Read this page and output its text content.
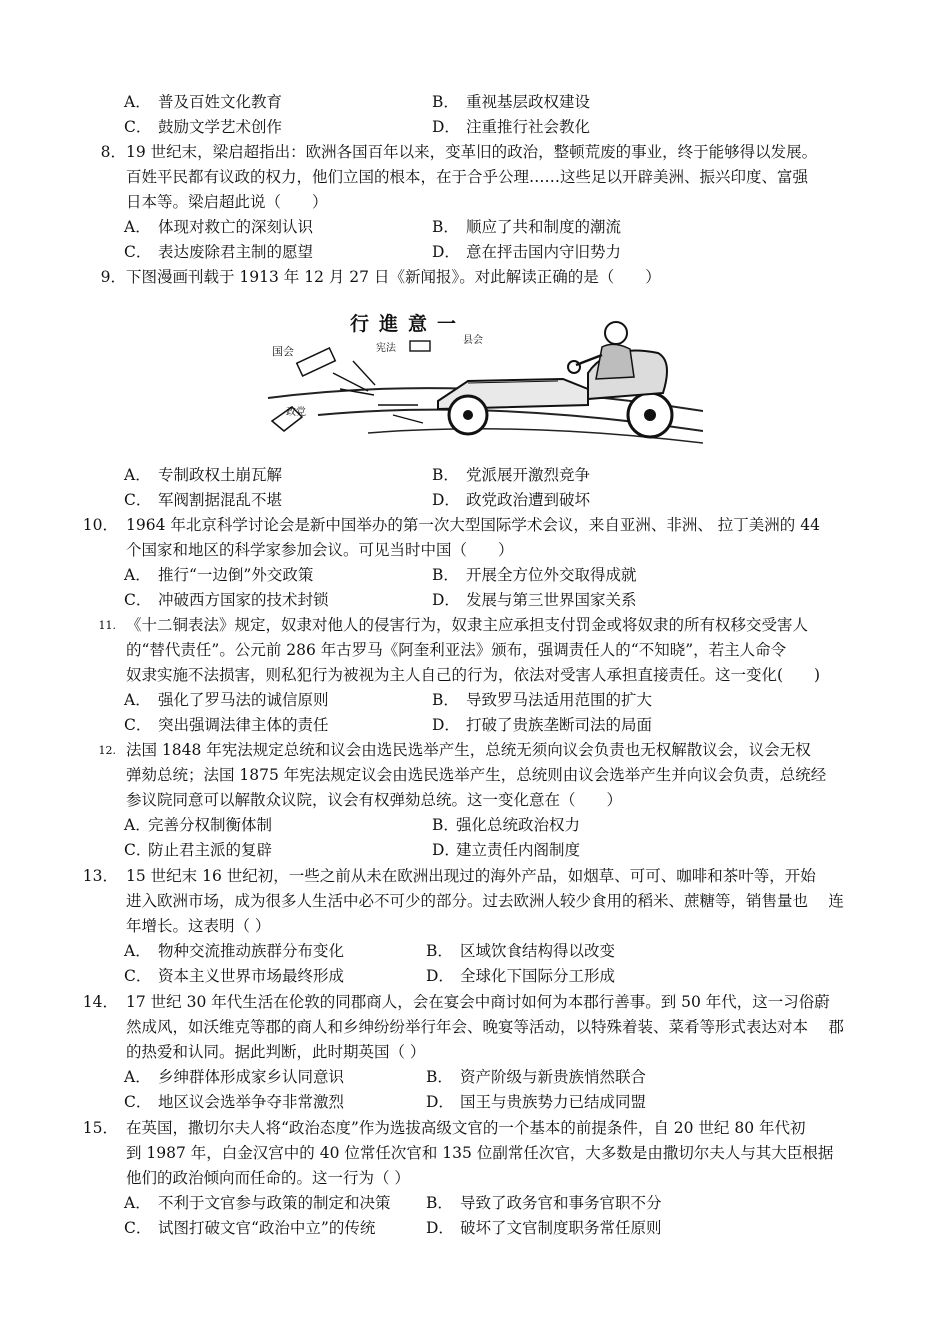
A． 普及百姓文化教育	B． 重视基层政权建设
C． 鼓励文学艺术创作	D． 注重推行社会教化
8． 19 世纪末，梁启超指出：欧洲各国百年以来，变革旧的政治，整顿荒废的事业，终于能够得以发展。
百姓平民都有议政的权力，他们立国的根本，在于合乎公理……这些足以开辟美洲、振兴印度、富强
日本等。梁启超此说（　　）
A． 体现对救亡的深刻认识	B． 顺应了共和制度的潮流
C． 表达废除君主制的愿望	D． 意在抨击国内守旧势力
9． 下图漫画刊载于 1913 年 12 月 27 日《新闻报》。对此解读正确的是（　　）
行進意一
国会	宪法
县会
政党
A． 专制政权土崩瓦解	B． 党派展开激烈竞争
C． 军阀割据混乱不堪	D． 政党政治遭到破坏
10． 1964 年北京科学讨论会是新中国举办的第一次大型国际学术会议，来自亚洲、非洲、 拉丁美洲的 44
个国家和地区的科学家参加会议。可见当时中国（　　）
A． 推行“一边倒”外交政策	B． 开展全方位外交取得成就
C． 冲破西方国家的技术封锁	D． 发展与第三世界国家关系
11. 《十二铜表法》规定，奴隶对他人的侵害行为，奴隶主应承担支付罚金或将奴隶的所有权移交受害人
的“替代责任”。公元前 286 年古罗马《阿奎利亚法》颁布，强调责任人的“不知晓”，若主人命令
奴隶实施不法损害，则私犯行为被视为主人自己的行为，依法对受害人承担直接责任。这一变化(　　)
A． 强化了罗马法的诚信原则	B． 导致罗马法适用范围的扩大
C． 突出强调法律主体的责任	D． 打破了贵族垄断司法的局面
12. 法国 1848 年宪法规定总统和议会由选民选举产生，总统无须向议会负责也无权解散议会，议会无权
弹劾总统；法国 1875 年宪法规定议会由选民选举产生，总统则由议会选举产生并向议会负责，总统经
参议院同意可以解散众议院，议会有权弹劾总统。这一变化意在（　　）
A．完善分权制衡体制	B．强化总统政治权力
C．防止君主派的复辟	D．建立责任内阁制度
13． 15 世纪末 16 世纪初，一些之前从未在欧洲出现过的海外产品，如烟草、可可、咖啡和茶叶等，开始
进入欧洲市场，成为很多人生活中必不可少的部分。过去欧洲人较少食用的稻米、蔗糖等，销售量也　 连
年增长。这表明（ ）
A． 物种交流推动族群分布变化	B． 区域饮食结构得以改变
C． 资本主义世界市场最终形成	D． 全球化下国际分工形成
14． 17 世纪 30 年代生活在伦敦的同郡商人，会在宴会中商讨如何为本郡行善事。到 50 年代，这一习俗蔚
然成风，如沃维克等郡的商人和乡绅纷纷举行年会、晚宴等活动，以特殊着装、菜肴等形式表达对本　 郡
的热爱和认同。据此判断，此时期英国（ ）
A． 乡绅群体形成家乡认同意识	B． 资产阶级与新贵族悄然联合
C． 地区议会选举争夺非常激烈	D． 国王与贵族势力已结成同盟
15． 在英国，撒切尔夫人将“政治态度”作为选拔高级文官的一个基本的前提条件，自 20 世纪 80 年代初
到 1987 年，白金汉宫中的 40 位常任次官和 135 位副常任次官，大多数是由撒切尔夫人与其大臣根据
他们的政治倾向而任命的。这一行为（ ）
A． 不利于文官参与政策的制定和决策 B． 导致了政务官和事务官职不分
C． 试图打破文官“政治中立”的传统	D． 破坏了文官制度职务常任原则
